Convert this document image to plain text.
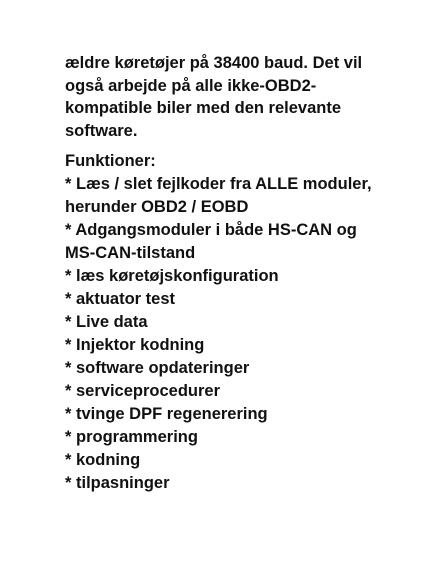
ældre køretøjer på 38400 baud. Det vil

også arbejde på alle ikke-OBD2-

kompatible biler med den relevante

software.

Funktioner:

* Læs / slet fejlkoder fra ALLE moduler,
herunder OBD2 / EOBD
* Adgangsmoduler i både HS-CAN og
MS-CAN-tilstand
* læs køretøjskonfiguration
* aktuator test
* Live data
* Injektor kodning
* software opdateringer
* serviceprocedurer
* tvinge DPF regenerering
* programmering
* kodning
* tilpasninger
